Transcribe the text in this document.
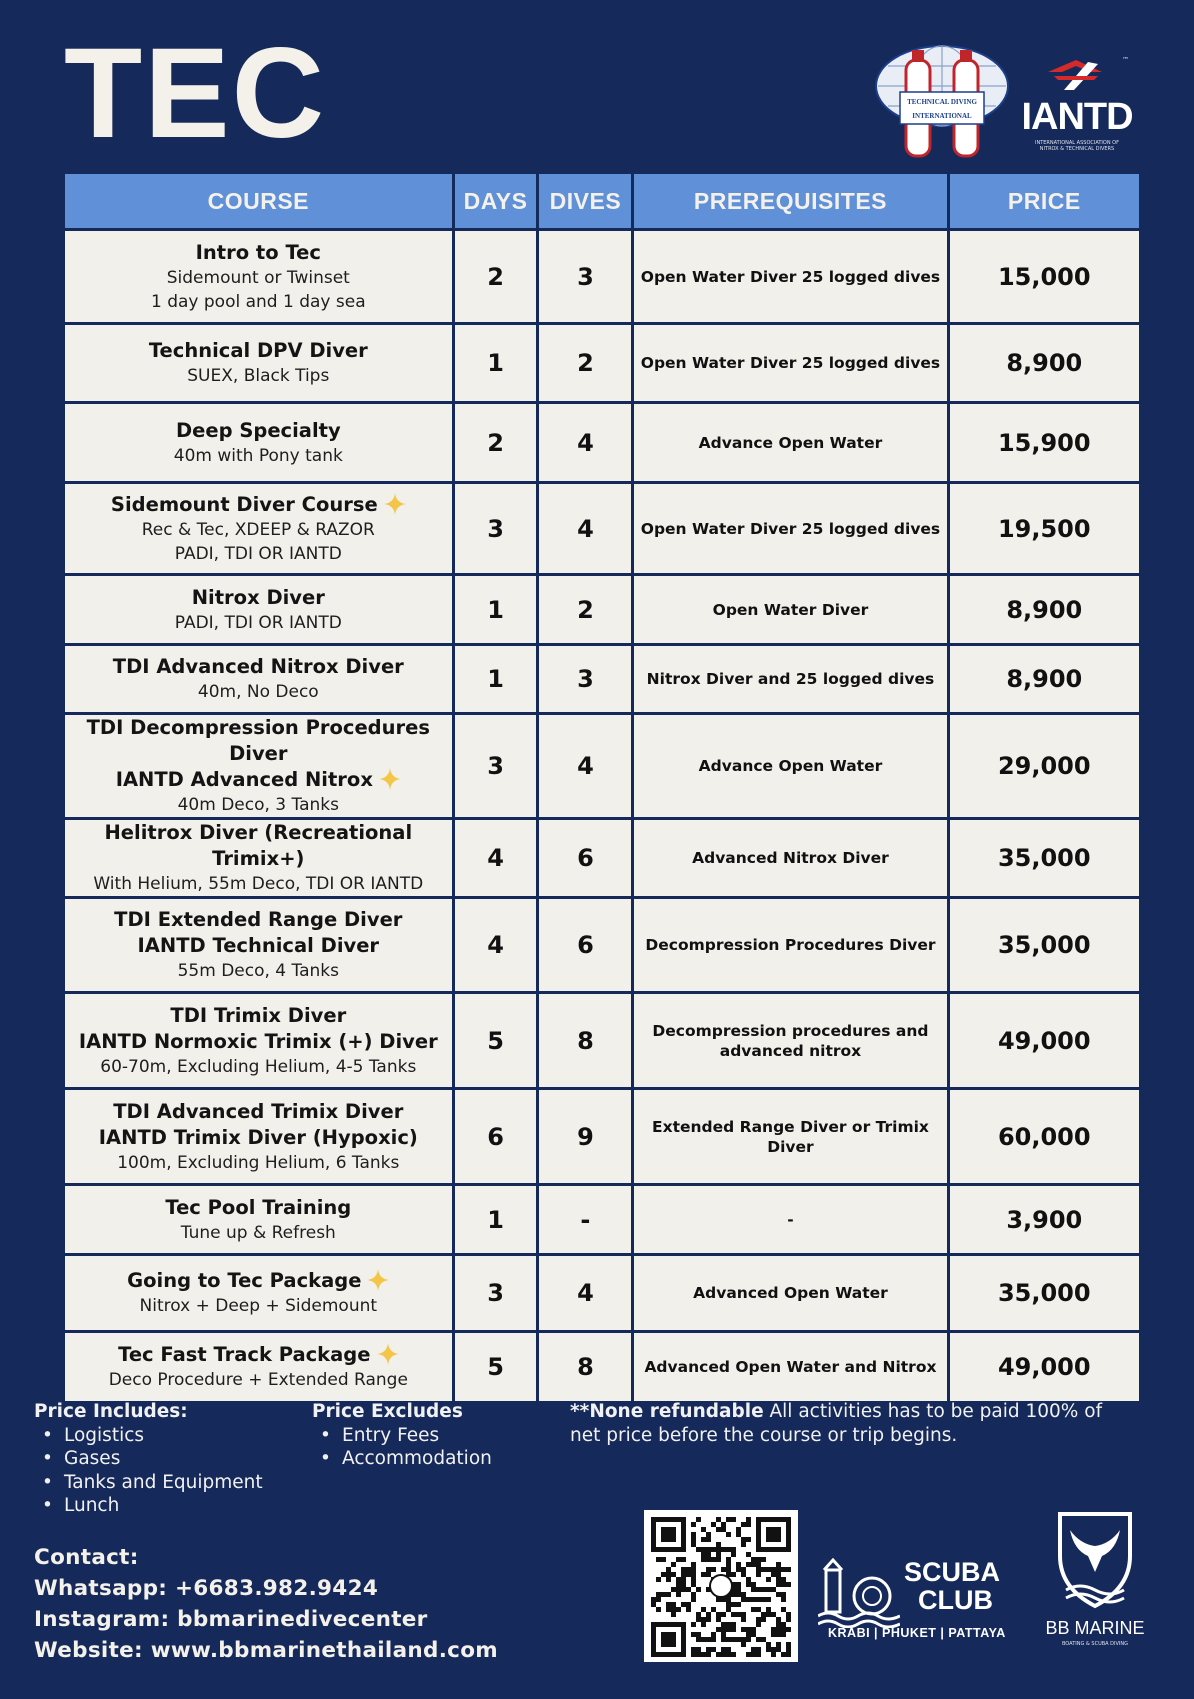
TEC	TECHNICAL DIVING
INTERNATIONAL
™
IANTD
INTERNATIONAL ASSOCIATION OF NITROX & TECHNICAL DIVERS
COURSE	DAYS	DIVES	PREREQUISITES	PRICE

Intro to Tec
Sidemount or Twinset
1 day pool and 1 day sea	2	3	Open Water Diver 25 logged dives	15,000

Technical DPV Diver
SUEX, Black Tips	1	2	Open Water Diver 25 logged dives	8,900

Deep Specialty
40m with Pony tank	2	4	Advance Open Water	15,900

Sidemount Diver Course
Rec & Tec, XDEEP & RAZOR
PADI, TDI OR IANTD	3	4	Open Water Diver 25 logged dives	19,500

Nitrox Diver
PADI, TDI OR IANTD	1	2	Open Water Diver	8,900

TDI Advanced Nitrox Diver
40m, No Deco	1	3	Nitrox Diver and 25 logged dives	8,900

TDI Decompression Procedures Diver
IANTD Advanced Nitrox
40m Deco, 3 Tanks	3	4	Advance Open Water	29,000

Helitrox Diver (Recreational Trimix+)
With Helium, 55m Deco, TDI OR IANTD	4	6	Advanced Nitrox Diver	35,000

TDI Extended Range Diver
IANTD Technical Diver
55m Deco, 4 Tanks	4	6	Decompression Procedures Diver	35,000

TDI Trimix Diver
IANTD Normoxic Trimix (+) Diver
60-70m, Excluding Helium, 4-5 Tanks	5	8	Decompression procedures and advanced nitrox	49,000

TDI Advanced Trimix Diver
IANTD Trimix Diver (Hypoxic)
100m, Excluding Helium, 6 Tanks	6	9	Extended Range Diver or Trimix Diver	60,000

Tec Pool Training
Tune up & Refresh	1	-	-	3,900

Going to Tec Package
Nitrox + Deep + Sidemount	3	4	Advanced Open Water	35,000

Tec Fast Track Package
Deco Procedure + Extended Range	5	8	Advanced Open Water and Nitrox	49,000
Price Includes:
• Logistics
• Gases
• Tanks and Equipment
• Lunch
Price Excludes
• Entry Fees
• Accommodation
**None refundable All activities has to be paid 100% of net price before the course or trip begins.
Contact:
Whatsapp: +6683.982.9424
Instagram: bbmarinedivecenter
Website: www.bbmarinethailand.com
SCUBA
CLUB
KRABI | PHUKET | PATTAYA	BB MARINE
BOATING & SCUBA DIVING
